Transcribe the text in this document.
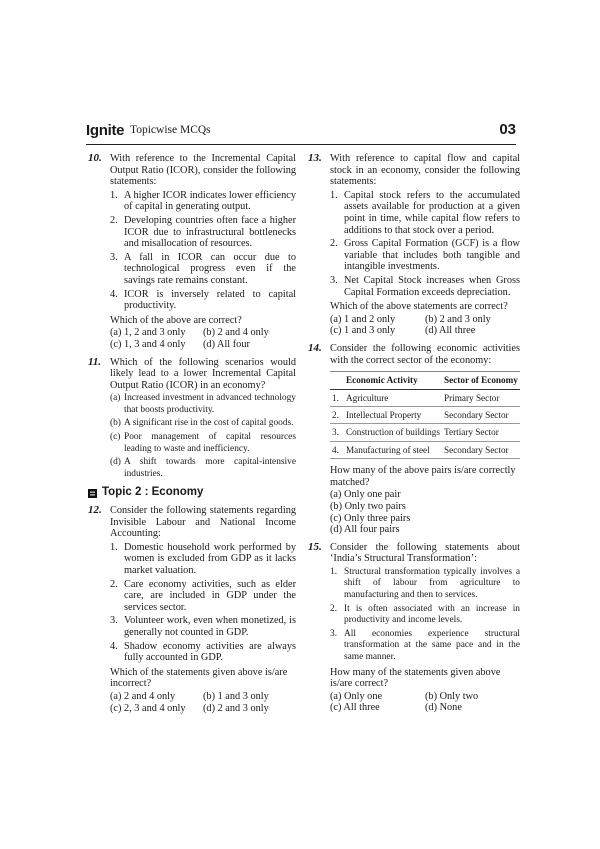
Ignite Topicwise MCQs	03
10. With reference to the Incremental Capital Output Ratio (ICOR), consider the following statements:
1. A higher ICOR indicates lower efficiency of capital in generating output.
2. Developing countries often face a higher ICOR due to infrastructural bottlenecks and misallocation of resources.
3. A fall in ICOR can occur due to technological progress even if the savings rate remains constant.
4. ICOR is inversely related to capital productivity.
Which of the above are correct?
(a) 1, 2 and 3 only	(b) 2 and 4 only
(c) 1, 3 and 4 only	(d) All four
11. Which of the following scenarios would likely lead to a lower Incremental Capital Output Ratio (ICOR) in an economy?
(a) Increased investment in advanced technology that boosts productivity.
(b) A significant rise in the cost of capital goods.
(c) Poor management of capital resources leading to waste and inefficiency.
(d) A shift towards more capital-intensive industries.
Topic 2 : Economy
12. Consider the following statements regarding Invisible Labour and National Income Accounting:
1. Domestic household work performed by women is excluded from GDP as it lacks market valuation.
2. Care economy activities, such as elder care, are included in GDP under the services sector.
3. Volunteer work, even when monetized, is generally not counted in GDP.
4. Shadow economy activities are always fully accounted in GDP.
Which of the statements given above is/are incorrect?
(a) 2 and 4 only	(b) 1 and 3 only
(c) 2, 3 and 4 only	(d) 2 and 3 only
13. With reference to capital flow and capital stock in an economy, consider the following statements:
1. Capital stock refers to the accumulated assets available for production at a given point in time, while capital flow refers to additions to that stock over a period.
2. Gross Capital Formation (GCF) is a flow variable that includes both tangible and intangible investments.
3. Net Capital Stock increases when Gross Capital Formation exceeds depreciation.
Which of the above statements are correct?
(a) 1 and 2 only	(b) 2 and 3 only
(c) 1 and 3 only	(d) All three
14. Consider the following economic activities with the correct sector of the economy:
	Economic Activity	Sector of Economy
1.	Agriculture	Primary Sector
2.	Intellectual Property	Secondary Sector
3.	Construction of buildings	Tertiary Sector
4.	Manufacturing of steel	Secondary Sector
How many of the above pairs is/are correctly matched?
(a) Only one pair
(b) Only two pairs
(c) Only three pairs
(d) All four pairs
15. Consider the following statements about ‘India’s Structural Transformation’:
1. Structural transformation typically involves a shift of labour from agriculture to manufacturing and then to services.
2. It is often associated with an increase in productivity and income levels.
3. All economies experience structural transformation at the same pace and in the same manner.
How many of the statements given above is/are correct?
(a) Only one	(b) Only two
(c) All three	(d) None
